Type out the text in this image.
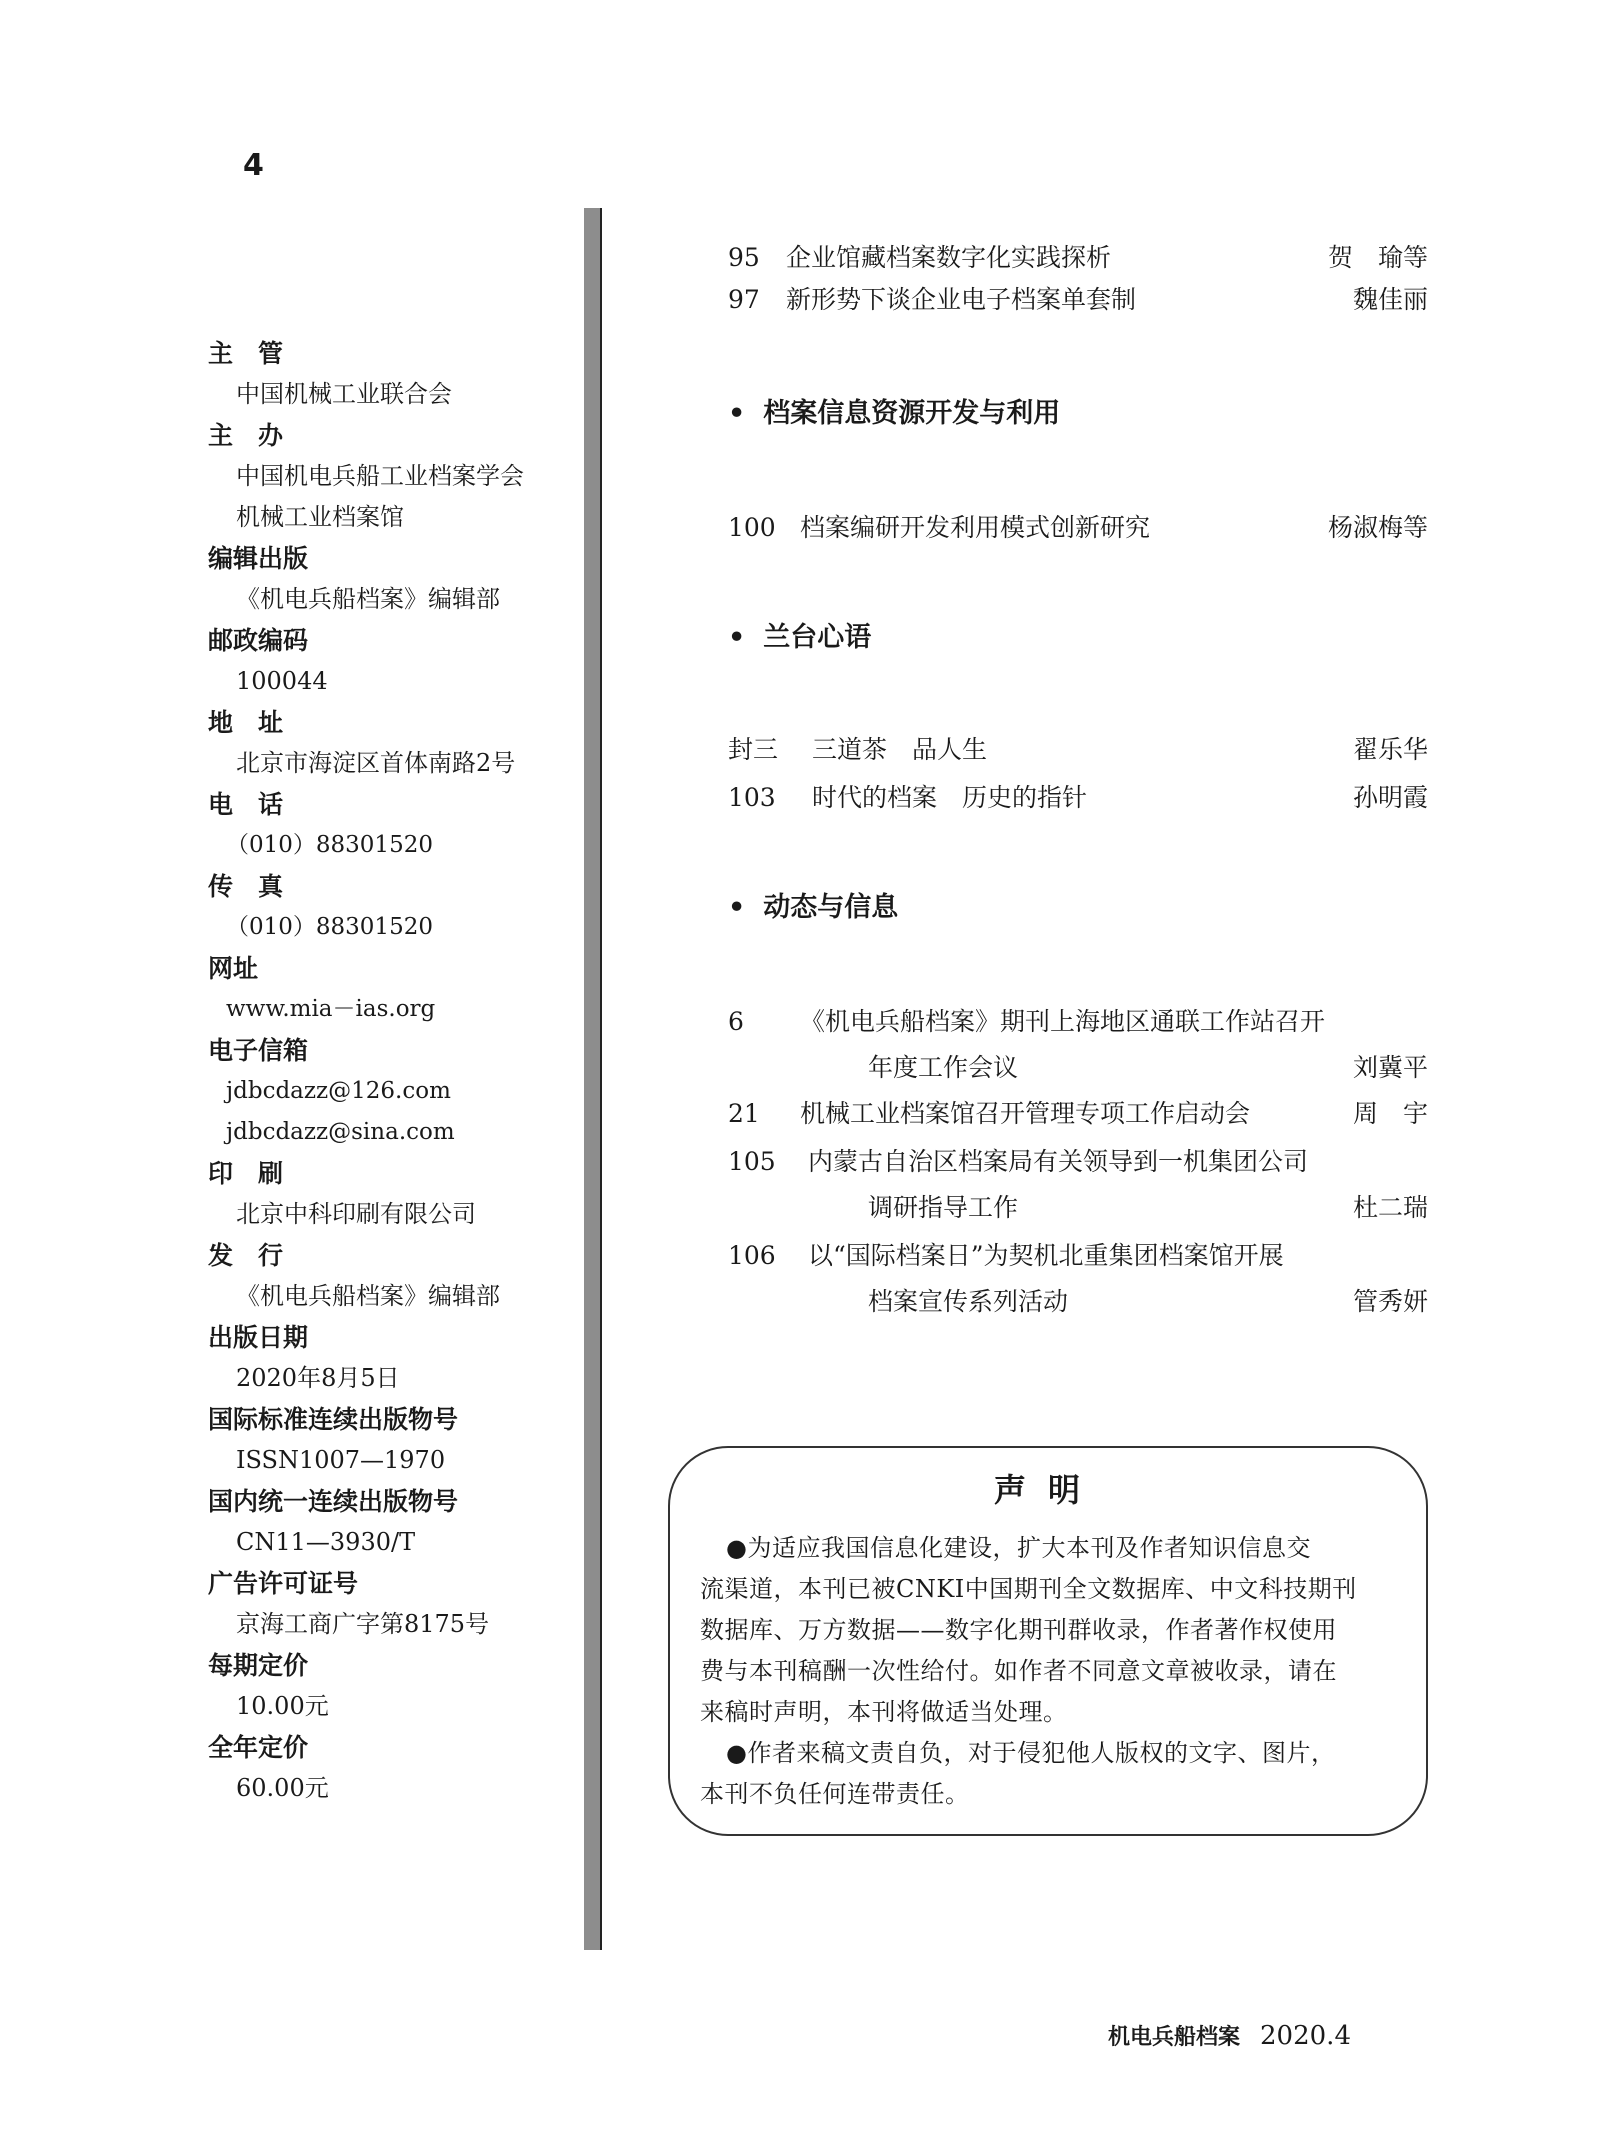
4
主　管
中国机械工业联合会
主　办
中国机电兵船工业档案学会
机械工业档案馆
编辑出版
《机电兵船档案》编辑部
邮政编码
100044
地　址
北京市海淀区首体南路2号
电　话
（010）88301520
传　真
（010）88301520
网址
www.mia－ias.org
电子信箱
jdbcdazz@126.com
jdbcdazz@sina.com
印　刷
北京中科印刷有限公司
发　行
《机电兵船档案》编辑部
出版日期
2020年8月5日
国际标准连续出版物号
ISSN1007—1970
国内统一连续出版物号
CN11—3930/T
广告许可证号
京海工商广字第8175号
每期定价
10.00元
全年定价
60.00元
95 企业馆藏档案数字化实践探析	贺　瑜等
97 新形势下谈企业电子档案单套制	魏佳丽
• 档案信息资源开发与利用
100 档案编研开发利用模式创新研究	杨淑梅等
• 兰台心语
封三 三道茶　品人生	翟乐华
103 时代的档案　历史的指针	孙明霞
• 动态与信息
6 《机电兵船档案》期刊上海地区通联工作站召开
年度工作会议	刘冀平
21 机械工业档案馆召开管理专项工作启动会	周　宇
105 内蒙古自治区档案局有关领导到一机集团公司
调研指导工作	杜二瑞
106 以“国际档案日”为契机北重集团档案馆开展
档案宣传系列活动	管秀妍
声明
●为适应我国信息化建设，扩大本刊及作者知识信息交
流渠道，本刊已被CNKI中国期刊全文数据库、中文科技期刊
数据库、万方数据——数字化期刊群收录，作者著作权使用
费与本刊稿酬一次性给付。如作者不同意文章被收录，请在
来稿时声明，本刊将做适当处理。
●作者来稿文责自负，对于侵犯他人版权的文字、图片，
本刊不负任何连带责任。
机电兵船档案 2020.4
